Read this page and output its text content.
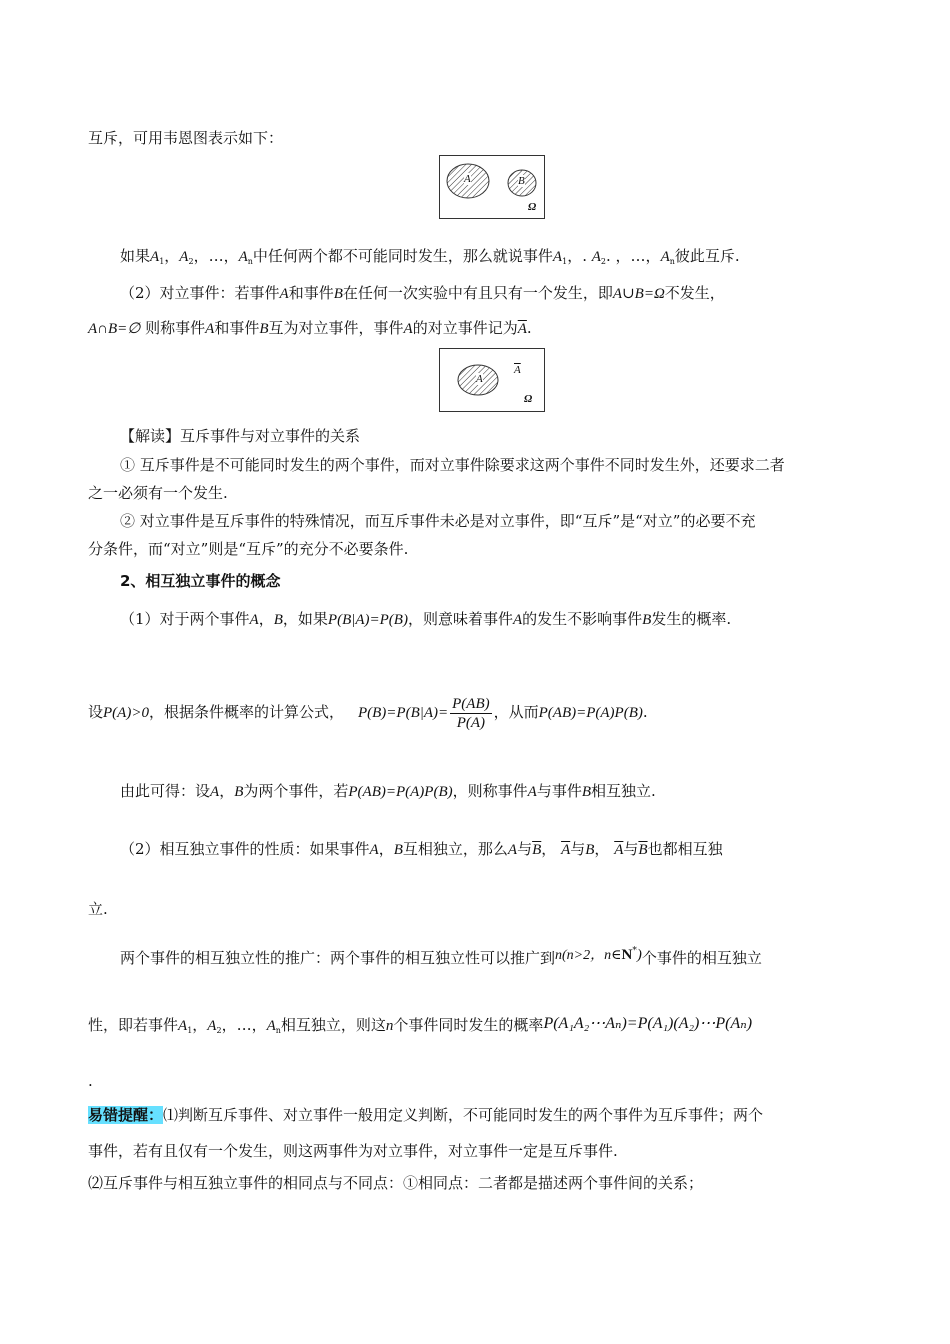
互斥，可用韦恩图表示如下：
A	B
Ω
如果$A_1$，$A_2$，…，$A_n$中任何两个都不可能同时发生，那么就说事件$A_1$，. $A_2$. ，…，$A_n$彼此互斥.
（2）对立事件：若事件A和事件B在任何一次实验中有且只有一个发生，即A∪B=Ω不发生，
A∩B=∅ 则称事件A和事件B互为对立事件，事件A的对立事件记为$\overline{A}$.
A
$\overline{A}$
Ω
【解读】互斥事件与对立事件的关系
① 互斥事件是不可能同时发生的两个事件，而对立事件除要求这两个事件不同时发生外，还要求二者
之一必须有一个发生.
② 对立事件是互斥事件的特殊情况，而互斥事件未必是对立事件，即“互斥”是“对立”的必要不充
分条件，而“对立”则是“互斥”的充分不必要条件.
2、相互独立事件的概念
（1）对于两个事件A，B，如果P(B|A)=P(B)，则意味着事件A的发生不影响事件B发生的概率.
设P(A)>0，根据条件概率的计算公式， $P(B)=P(B|A)= \frac{P(AB)}{P(A)}$ ，从而P(AB)=P(A)P(B).
由此可得：设A，B为两个事件，若P(AB)=P(A)P(B)，则称事件A与事件B相互独立.
（2）相互独立事件的性质：如果事件A，B互相独立，那么A与$\overline{B}$， $\overline{A}$与B， $\overline{A}$与$\overline{B}$也都相互独
立.
两个事件的相互独立性的推广：两个事件的相互独立性可以推广到n(n>2，n∈N*)个事件的相互独立
性，即若事件$A_1$，$A_2$，…，$A_n$相互独立，则这n个事件同时发生的概率P(A₁A₂⋯Aₙ)=P(A₁)(A₂)⋯P(Aₙ)
.
易错提醒：⑴判断互斥事件、对立事件一般用定义判断，不可能同时发生的两个事件为互斥事件；两个
事件，若有且仅有一个发生，则这两事件为对立事件，对立事件一定是互斥事件.
⑵互斥事件与相互独立事件的相同点与不同点：①相同点：二者都是描述两个事件间的关系；
